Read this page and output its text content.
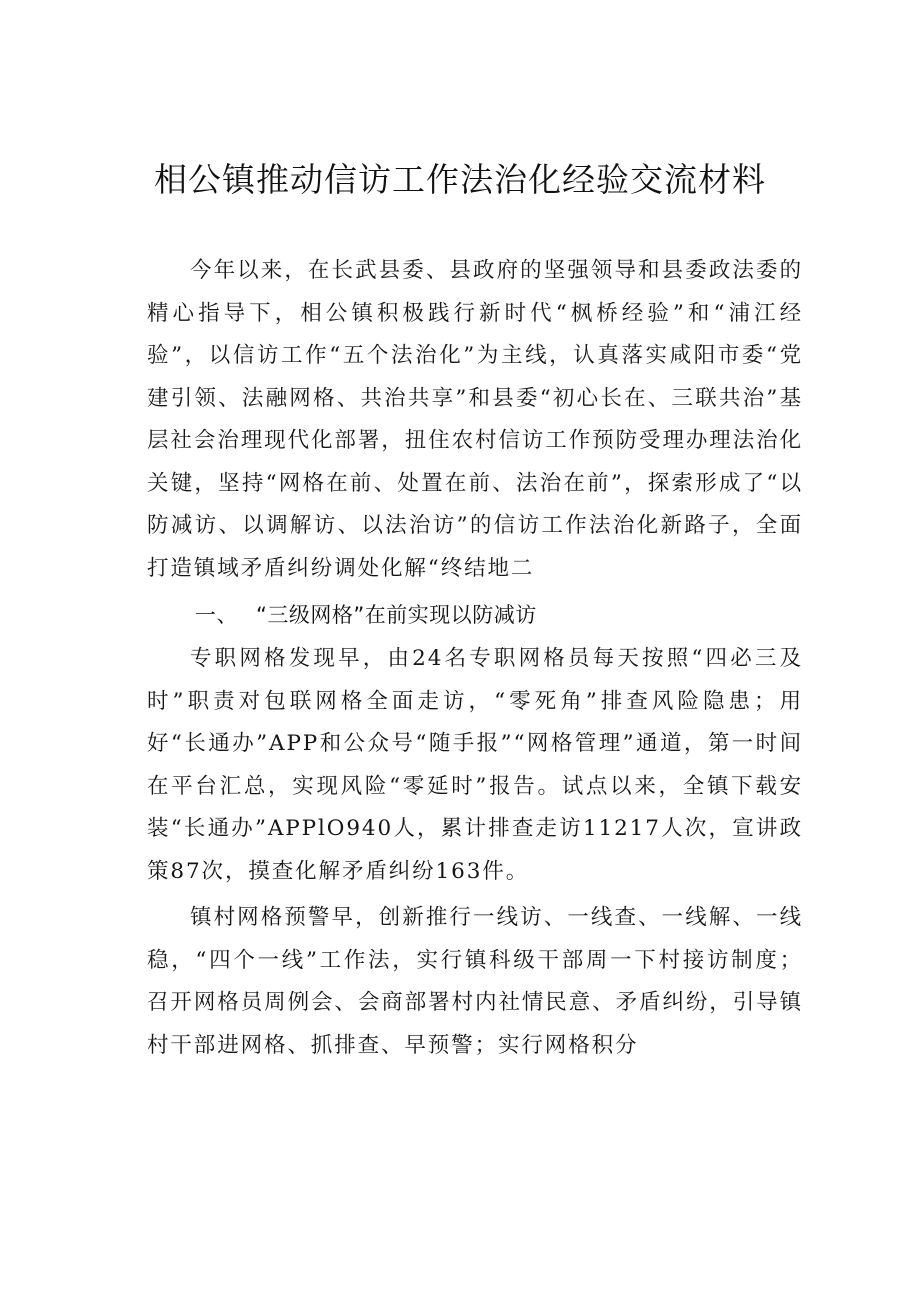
相公镇推动信访工作法治化经验交流材料

今年以来，在长武县委、县政府的坚强领导和县委政法委的精心指导下，相公镇积极践行新时代“枫桥经验”和“浦江经验”，以信访工作“五个法治化”为主线，认真落实咸阳市委“党建引领、法融网格、共治共享”和县委“初心长在、三联共治”基层社会治理现代化部署，扭住农村信访工作预防受理办理法治化关键，坚持“网格在前、处置在前、法治在前”，探索形成了“以防减访、以调解访、以法治访”的信访工作法治化新路子，全面打造镇域矛盾纠纷调处化解“终结地二

一、 “三级网格”在前实现以防减访

专职网格发现早，由24名专职网格员每天按照“四必三及时”职责对包联网格全面走访，“零死角”排查风险隐患；用好“长通办”APP和公众号“随手报”“网格管理”通道，第一时间在平台汇总，实现风险“零延时”报告。试点以来，全镇下载安装“长通办”APPlO940人，累计排查走访11217人次，宣讲政策87次，摸查化解矛盾纠纷163件。

镇村网格预警早，创新推行一线访、一线查、一线解、一线稳，“四个一线”工作法，实行镇科级干部周一下村接访制度；召开网格员周例会、会商部署村内社情民意、矛盾纠纷，引导镇村干部进网格、抓排查、早预警；实行网格积分
